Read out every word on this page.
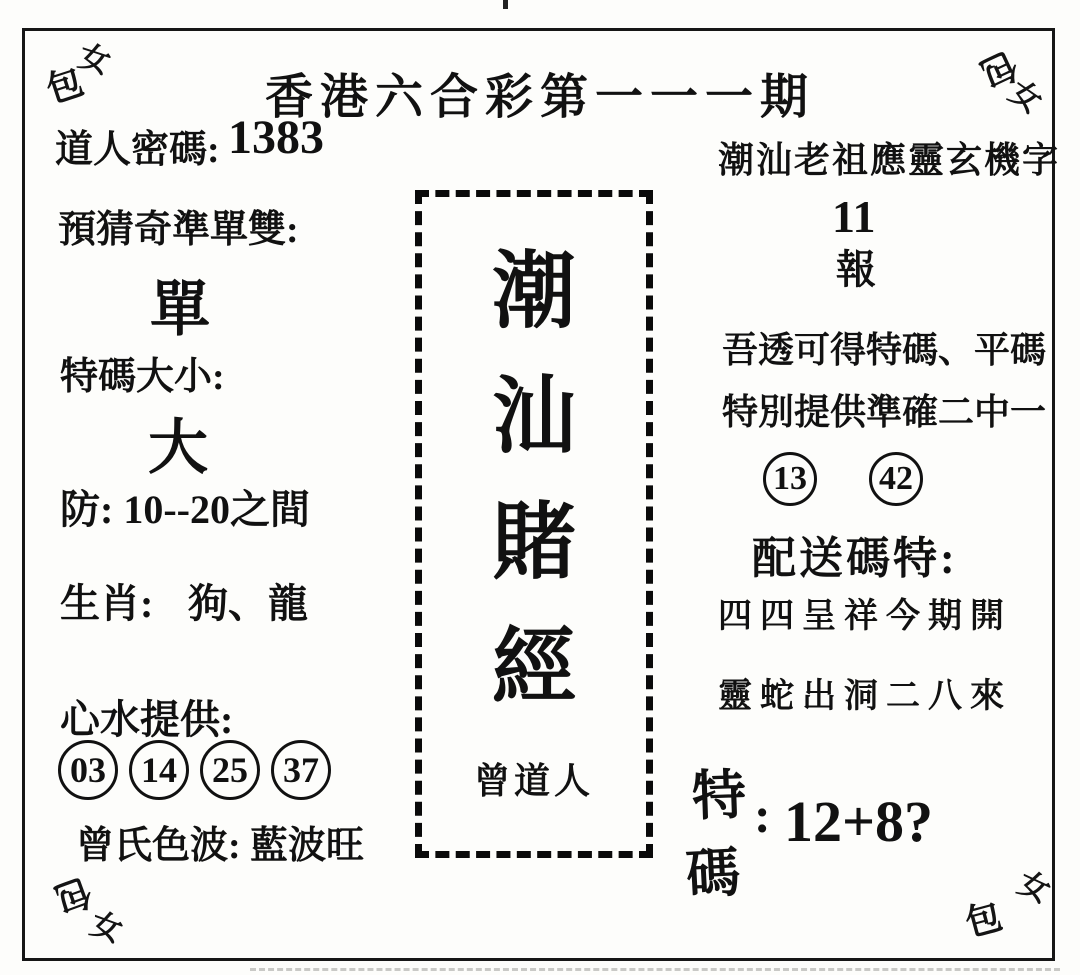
包
女	包
女
包
女	包
女
香港六合彩第一一一期
道人密碼: 1383
預猜奇準單雙:
單
特碼大小:
大
防: 10--20之間
生肖: 狗、龍
心水提供:
03 14 25 37
曾氏色波: 藍波旺
潮
汕
賭
經
曾道人
潮汕老祖應靈玄機字
11
報
吾透可得特碼、平碼
特別提供準確二中一
13 42
配送碼特:
四四呈祥今期開
靈蛇出洞二八來
特
碼
: 12+8?
